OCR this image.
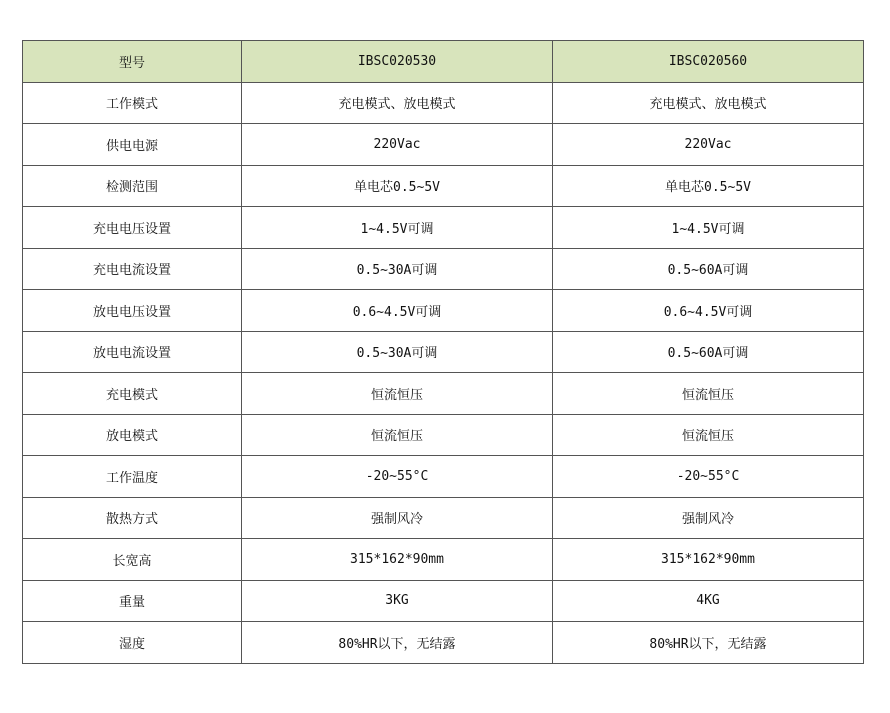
型号	IBSC020530	IBSC020560
工作模式	充电模式、放电模式	充电模式、放电模式
供电电源	220Vac	220Vac
检测范围	单电芯0.5~5V	单电芯0.5~5V
充电电压设置	1~4.5V可调	1~4.5V可调
充电电流设置	0.5~30A可调	0.5~60A可调
放电电压设置	0.6~4.5V可调	0.6~4.5V可调
放电电流设置	0.5~30A可调	0.5~60A可调
充电模式	恒流恒压	恒流恒压
放电模式	恒流恒压	恒流恒压
工作温度	-20~55°C	-20~55°C
散热方式	强制风冷	强制风冷
长宽高	315*162*90mm	315*162*90mm
重量	3KG	4KG
湿度	80%HR以下，无结露	80%HR以下，无结露
